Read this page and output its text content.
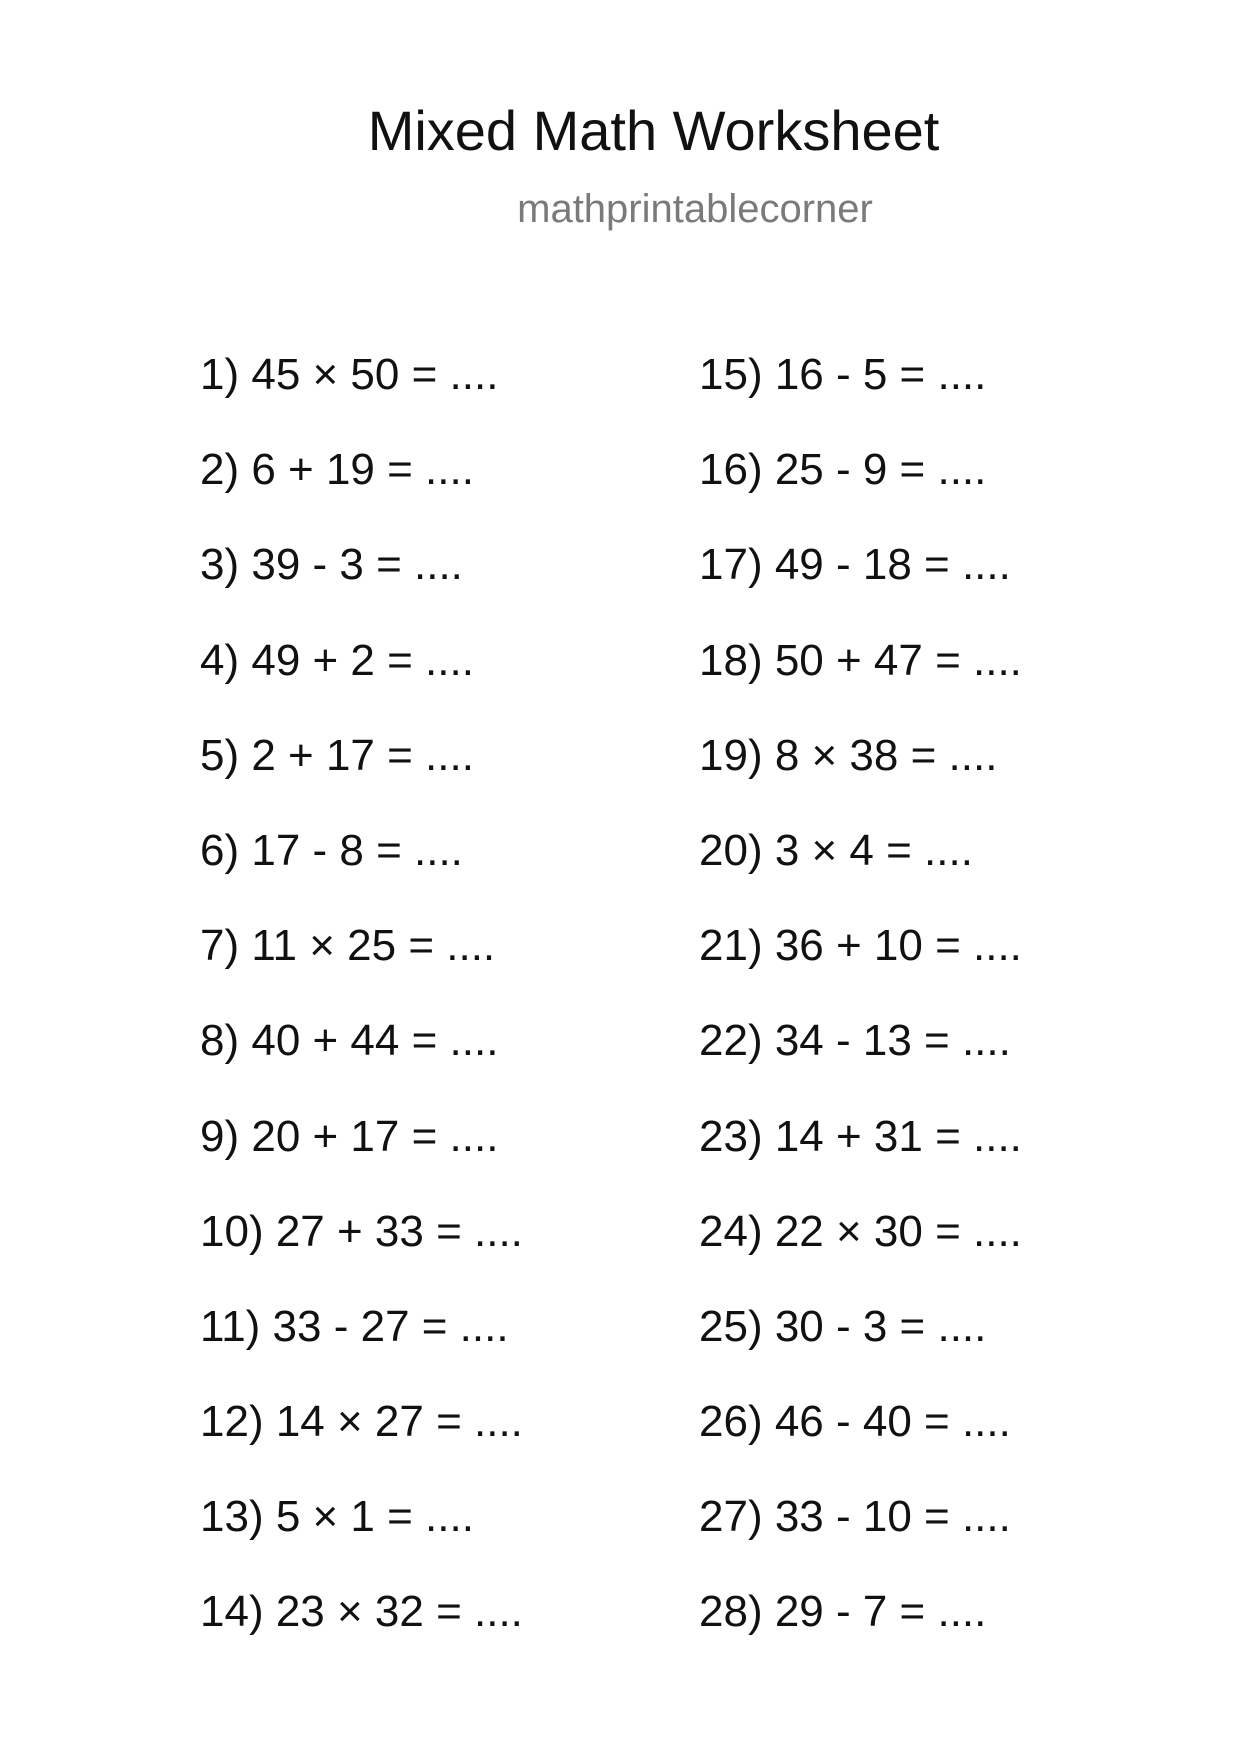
Mixed Math Worksheet
mathprintablecorner
1) 45 × 50 = ....
2) 6 + 19 = ....
3) 39 - 3 = ....
4) 49 + 2 = ....
5) 2 + 17 = ....
6) 17 - 8 = ....
7) 11 × 25 = ....
8) 40 + 44 = ....
9) 20 + 17 = ....
10) 27 + 33 = ....
11) 33 - 27 = ....
12) 14 × 27 = ....
13) 5 × 1 = ....
14) 23 × 32 = ....
15) 16 - 5 = ....
16) 25 - 9 = ....
17) 49 - 18 = ....
18) 50 + 47 = ....
19) 8 × 38 = ....
20) 3 × 4 = ....
21) 36 + 10 = ....
22) 34 - 13 = ....
23) 14 + 31 = ....
24) 22 × 30 = ....
25) 30 - 3 = ....
26) 46 - 40 = ....
27) 33 - 10 = ....
28) 29 - 7 = ....
